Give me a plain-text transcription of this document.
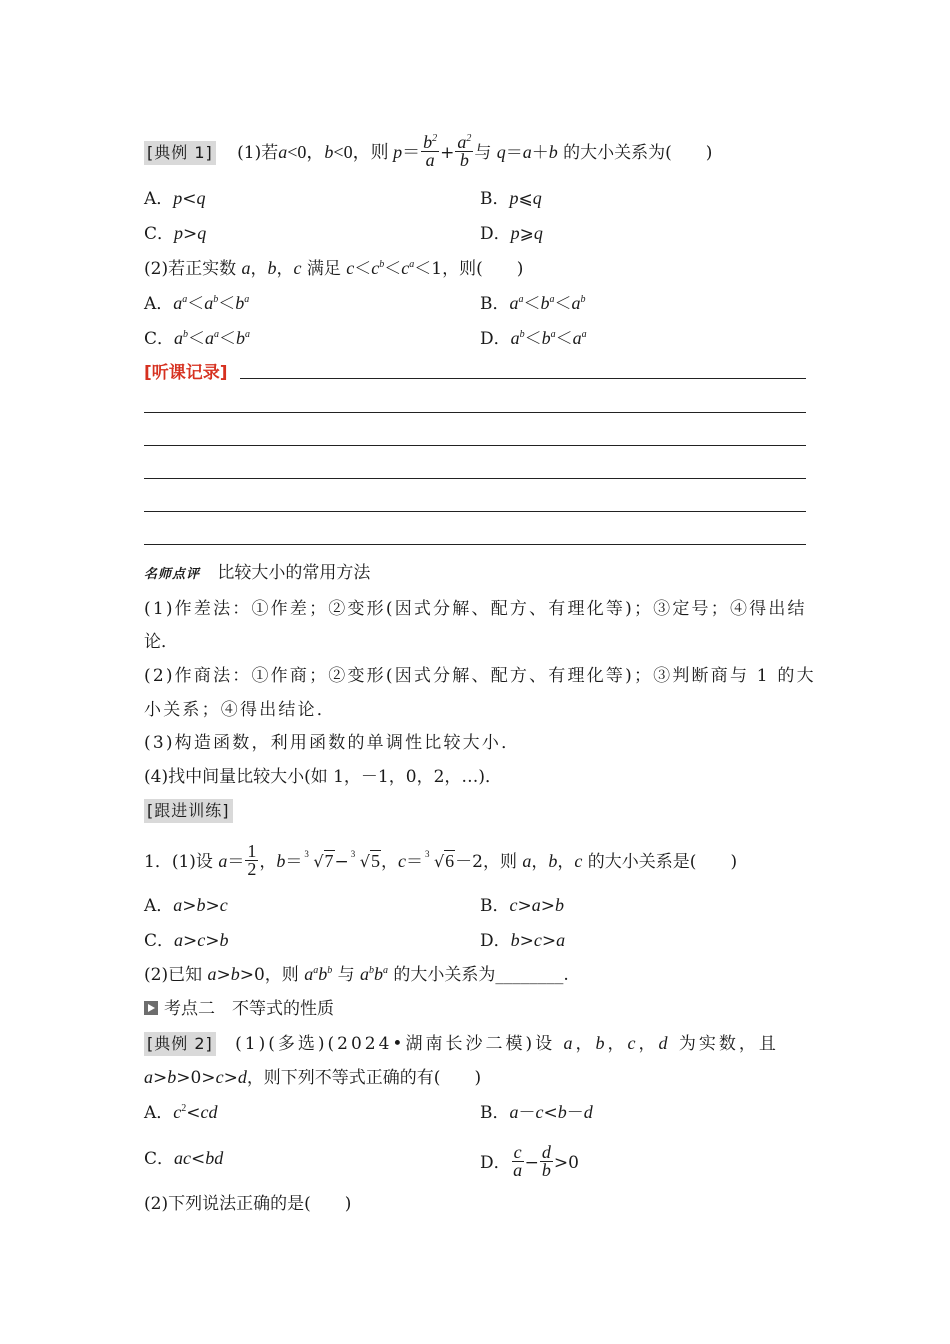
[典例 1] (1)若a<0，b<0，则 $p= \frac{b^2}{a} + \frac{a^2}{b}$ 与 q＝a＋b 的大小关系为(　　)
A．p<q	B．p⩽q
C．p>q	D．p⩾q
(2)若正实数 a，b，c 满足 $c<c^b<c^a<1$，则(　　)
A．$a^a<a^b<b^a$	B．$a^a<b^a<a^b$
C．$a^b<a^a<b^a$	D．$a^b<b^a<a^a$
[听课记录]
名师点评 比较大小的常用方法
(1)作差法：①作差；②变形(因式分解、配方、有理化等)；③定号；④得出结
论．
(2)作商法：①作商；②变形(因式分解、配方、有理化等)；③判断商与 1 的大
小关系；④得出结论．
(3)构造函数，利用函数的单调性比较大小．
(4)找中间量比较大小(如 1，－1，0，2，…)．
[跟进训练]
1．(1)设 $a= \frac{1}{2}$ ，b＝ 3 √7− 3 √5，c＝ 3 √6－2，则 a，b，c 的大小关系是(　　)
A．a>b>c	B．c>a>b
C．a>c>b	D．b>c>a
(2)已知 a>b>0，则 $a^ab^b$ 与 $a^bb^a$ 的大小关系为________.
考点二　不等式的性质
[典例 2] (1)(多选)(2024•湖南长沙二模)设 a，b，c，d 为实数，且
a>b>0>c>d，则下列不等式正确的有(　　)
A．$c^2<cd$	B．a－c<b－d
C．ac<bd	D． $\frac{c}{a} - \frac{d}{b} >0$
(2)下列说法正确的是(　　)
